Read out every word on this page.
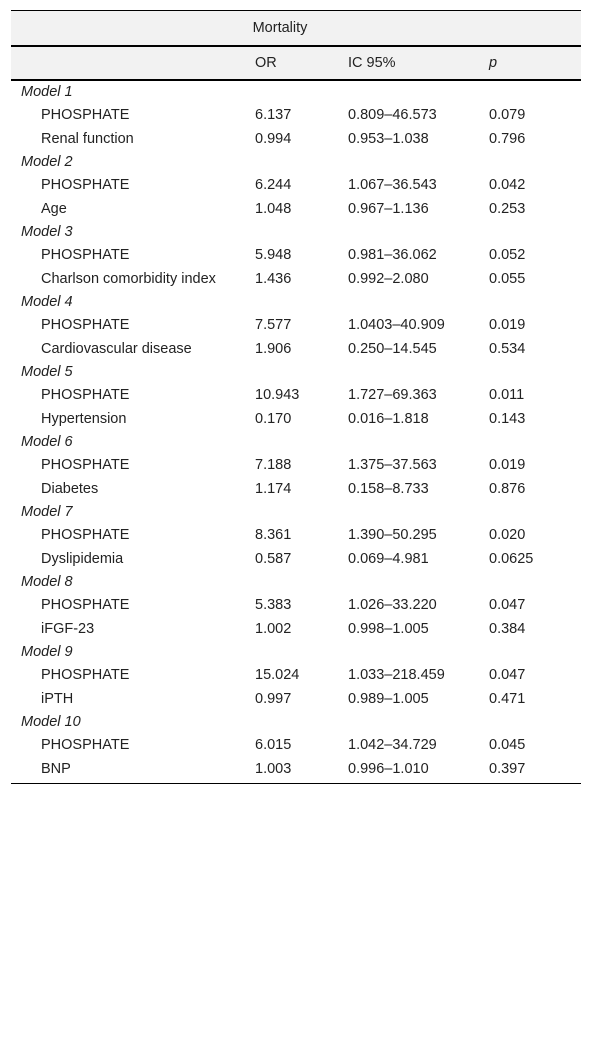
	Mortality		
	OR	IC 95%	p
Model 1			
PHOSPHATE	6.137	0.809–46.573	0.079
Renal function	0.994	0.953–1.038	0.796
Model 2			
PHOSPHATE	6.244	1.067–36.543	0.042
Age	1.048	0.967–1.136	0.253
Model 3			
PHOSPHATE	5.948	0.981–36.062	0.052
Charlson comorbidity index	1.436	0.992–2.080	0.055
Model 4			
PHOSPHATE	7.577	1.0403–40.909	0.019
Cardiovascular disease	1.906	0.250–14.545	0.534
Model 5			
PHOSPHATE	10.943	1.727–69.363	0.011
Hypertension	0.170	0.016–1.818	0.143
Model 6			
PHOSPHATE	7.188	1.375–37.563	0.019
Diabetes	1.174	0.158–8.733	0.876
Model 7			
PHOSPHATE	8.361	1.390–50.295	0.020
Dyslipidemia	0.587	0.069–4.981	0.0625
Model 8			
PHOSPHATE	5.383	1.026–33.220	0.047
iFGF-23	1.002	0.998–1.005	0.384
Model 9			
PHOSPHATE	15.024	1.033–218.459	0.047
iPTH	0.997	0.989–1.005	0.471
Model 10			
PHOSPHATE	6.015	1.042–34.729	0.045
BNP	1.003	0.996–1.010	0.397
